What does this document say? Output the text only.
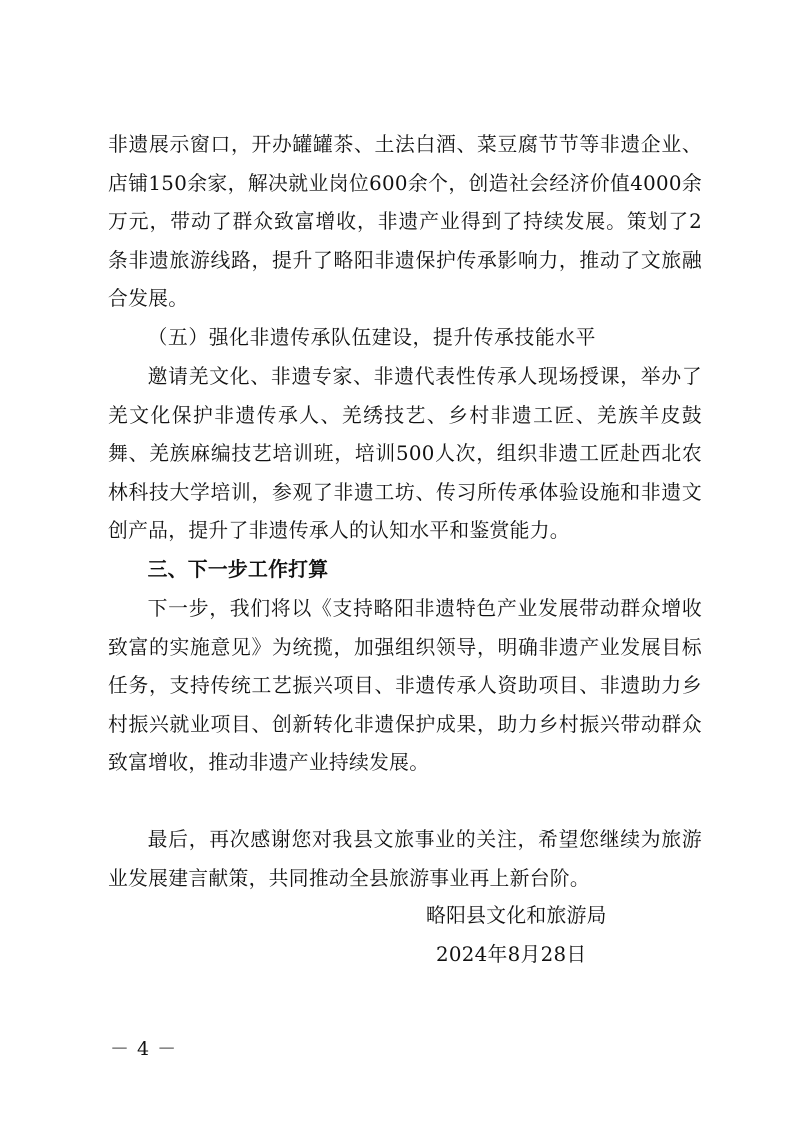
非遗展示窗口，开办罐罐茶、土法白酒、菜豆腐节节等非遗企业、店铺150余家，解决就业岗位600余个，创造社会经济价值4000余万元，带动了群众致富增收，非遗产业得到了持续发展。策划了2条非遗旅游线路，提升了略阳非遗保护传承影响力，推动了文旅融合发展。

（五）强化非遗传承队伍建设，提升传承技能水平

邀请羌文化、非遗专家、非遗代表性传承人现场授课，举办了羌文化保护非遗传承人、羌绣技艺、乡村非遗工匠、羌族羊皮鼓舞、羌族麻编技艺培训班，培训500人次，组织非遗工匠赴西北农林科技大学培训，参观了非遗工坊、传习所传承体验设施和非遗文创产品，提升了非遗传承人的认知水平和鉴赏能力。

三、下一步工作打算

下一步，我们将以《支持略阳非遗特色产业发展带动群众增收致富的实施意见》为统揽，加强组织领导，明确非遗产业发展目标任务，支持传统工艺振兴项目、非遗传承人资助项目、非遗助力乡村振兴就业项目、创新转化非遗保护成果，助力乡村振兴带动群众致富增收，推动非遗产业持续发展。

最后，再次感谢您对我县文旅事业的关注，希望您继续为旅游业发展建言献策，共同推动全县旅游事业再上新台阶。

略阳县文化和旅游局
2024年8月28日
－ 4 －
